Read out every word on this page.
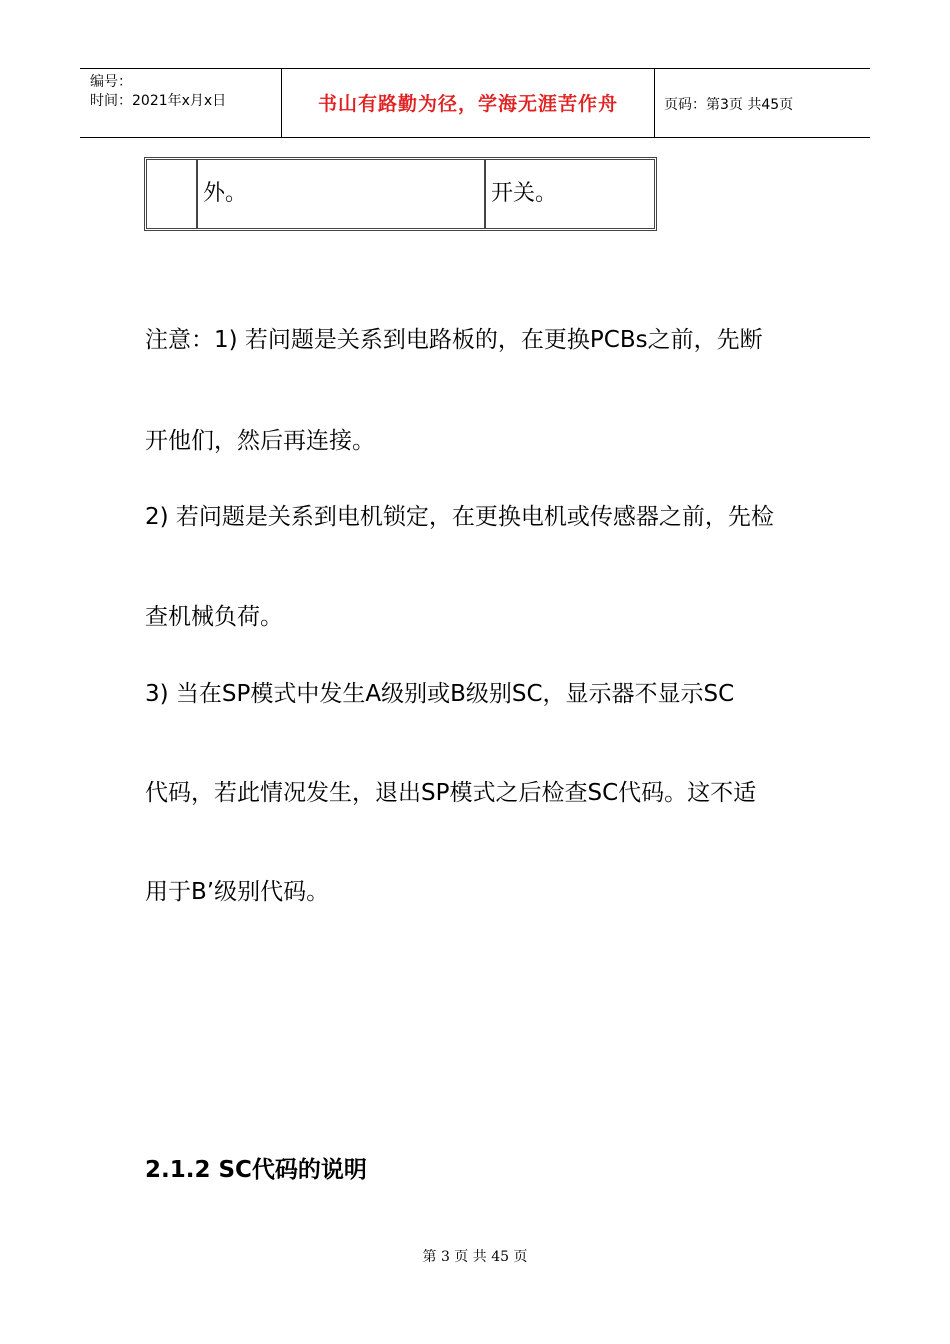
编号：
时间：2021年x月x日	书山有路勤为径，学海无涯苦作舟	页码：第3页 共45页
外。	开关。
注意：1) 若问题是关系到电路板的，在更换PCBs之前，先断
开他们，然后再连接。
2) 若问题是关系到电机锁定，在更换电机或传感器之前，先检
查机械负荷。
3) 当在SP模式中发生A级别或B级别SC，显示器不显示SC
代码，若此情况发生，退出SP模式之后检查SC代码。这不适
用于B’级别代码。
2.1.2 SC代码的说明
第 3 页 共 45 页
